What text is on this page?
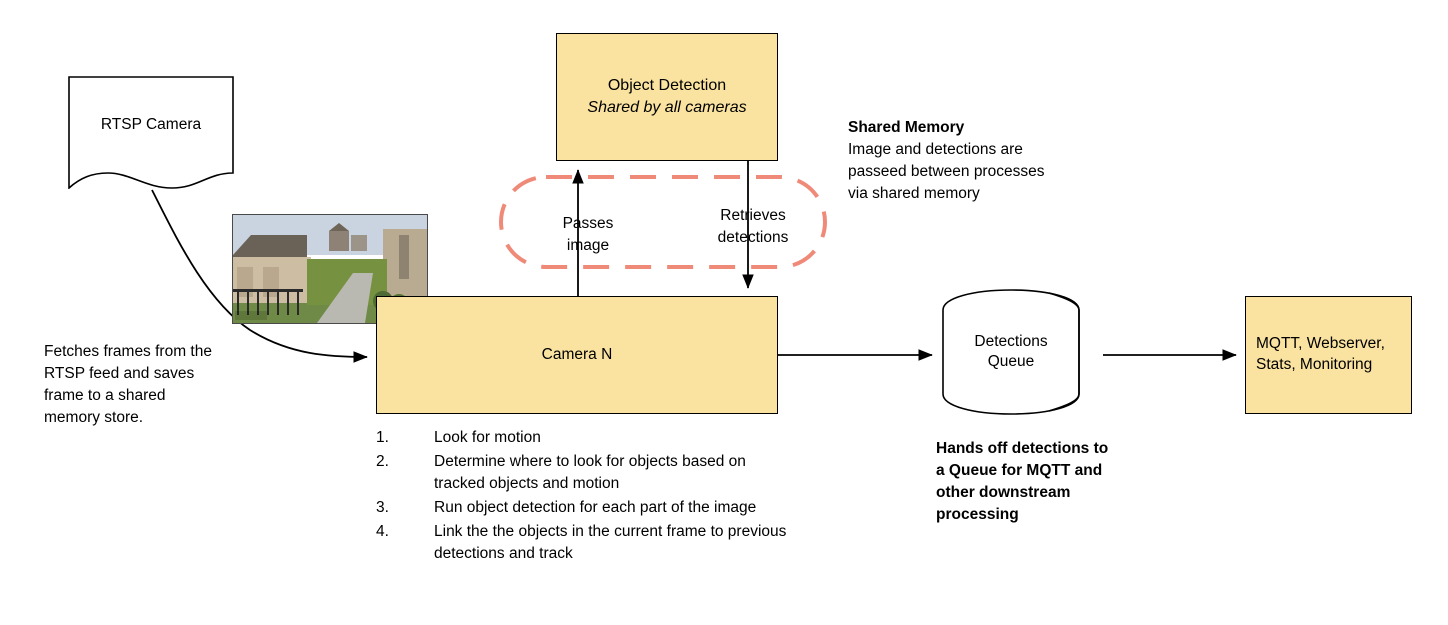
RTSP Camera
Object Detection
Shared by all cameras
Camera N
Detections
Queue
MQTT, Webserver,
Stats, Monitoring
Passes
image
Retrieves
detections
Fetches frames from the RTSP feed and saves frame to a shared memory store.
Shared Memory
Image and detections are passeed between processes via shared memory
Hands off detections to a Queue for MQTT and other downstream processing
1.	Look for motion
2.	Determine where to look for objects based on tracked objects and motion
3.	Run object detection for each part of the image
4.	Link the the objects in the current frame to previous detections and track
